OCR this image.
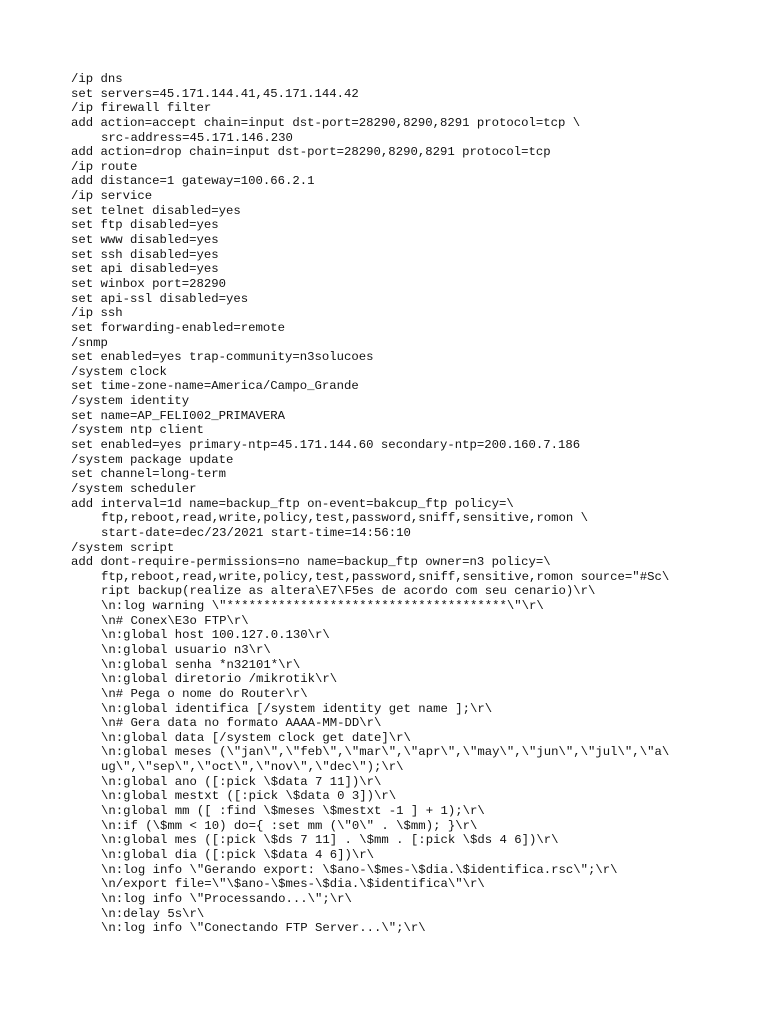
/ip dns
set servers=45.171.144.41,45.171.144.42
/ip firewall filter
add action=accept chain=input dst-port=28290,8290,8291 protocol=tcp \
src-address=45.171.146.230
add action=drop chain=input dst-port=28290,8290,8291 protocol=tcp
/ip route
add distance=1 gateway=100.66.2.1
/ip service
set telnet disabled=yes
set ftp disabled=yes
set www disabled=yes
set ssh disabled=yes
set api disabled=yes
set winbox port=28290
set api-ssl disabled=yes
/ip ssh
set forwarding-enabled=remote
/snmp
set enabled=yes trap-community=n3solucoes
/system clock
set time-zone-name=America/Campo_Grande
/system identity
set name=AP_FELI002_PRIMAVERA
/system ntp client
set enabled=yes primary-ntp=45.171.144.60 secondary-ntp=200.160.7.186
/system package update
set channel=long-term
/system scheduler
add interval=1d name=backup_ftp on-event=bakcup_ftp policy=\
ftp,reboot,read,write,policy,test,password,sniff,sensitive,romon \
start-date=dec/23/2021 start-time=14:56:10
/system script
add dont-require-permissions=no name=backup_ftp owner=n3 policy=\
ftp,reboot,read,write,policy,test,password,sniff,sensitive,romon source="#Sc\
ript backup(realize as altera\E7\F5es de acordo com seu cenario)\r\
\n:log warning \"**************************************\"\r\
\n# Conex\E3o FTP\r\
\n:global host 100.127.0.130\r\
\n:global usuario n3\r\
\n:global senha *n32101*\r\
\n:global diretorio /mikrotik\r\
\n# Pega o nome do Router\r\
\n:global identifica [/system identity get name ];\r\
\n# Gera data no formato AAAA-MM-DD\r\
\n:global data [/system clock get date]\r\
\n:global meses (\"jan\",\"feb\",\"mar\",\"apr\",\"may\",\"jun\",\"jul\",\"a\
ug\",\"sep\",\"oct\",\"nov\",\"dec\");\r\
\n:global ano ([:pick \$data 7 11])\r\
\n:global mestxt ([:pick \$data 0 3])\r\
\n:global mm ([ :find \$meses \$mestxt -1 ] + 1);\r\
\n:if (\$mm < 10) do={ :set mm (\"0\" . \$mm); }\r\
\n:global mes ([:pick \$ds 7 11] . \$mm . [:pick \$ds 4 6])\r\
\n:global dia ([:pick \$data 4 6])\r\
\n:log info \"Gerando export: \$ano-\$mes-\$dia.\$identifica.rsc\";\r\
\n/export file=\"\$ano-\$mes-\$dia.\$identifica\"\r\
\n:log info \"Processando...\";\r\
\n:delay 5s\r\
\n:log info \"Conectando FTP Server...\";\r\
